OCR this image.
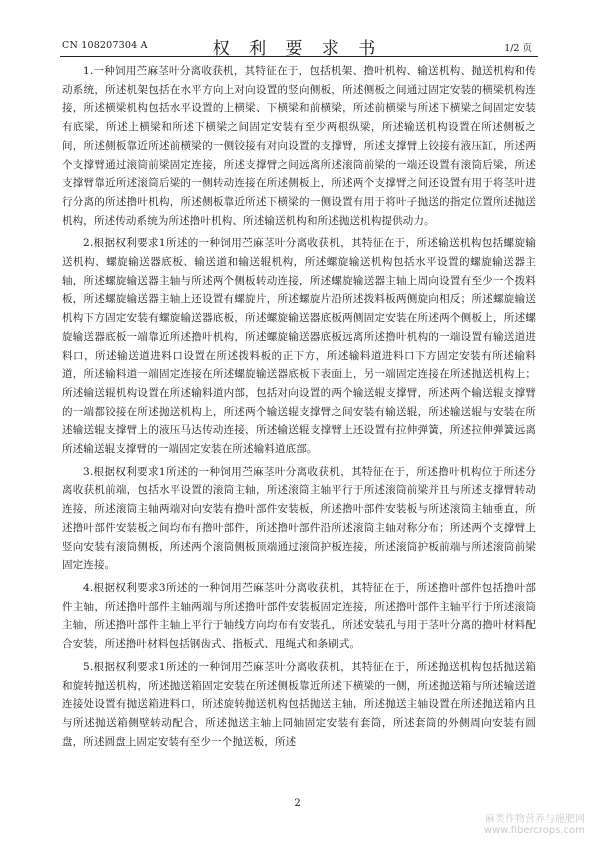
CN 108207304 A	权 利 要 求 书	1/2 页

1.一种饲用苎麻茎叶分离收获机，其特征在于，包括机架、撸叶机构、输送机构、抛送机构和传动系统，所述机架包括在水平方向上对向设置的竖向侧板，所述侧板之间通过固定安装的横梁机构连接，所述横梁机构包括水平设置的上横梁、下横梁和前横梁，所述前横梁与所述下横梁之间固定安装有底梁，所述上横梁和所述下横梁之间固定安装有至少两根纵梁，所述输送机构设置在所述侧板之间，所述侧板靠近所述前横梁的一侧铰接有对向设置的支撑臂，所述支撑臂上铰接有液压缸，所述两个支撑臂通过滚筒前梁固定连接，所述支撑臂之间远离所述滚筒前梁的一端还设置有滚筒后梁，所述支撑臂靠近所述滚筒后梁的一侧转动连接在所述侧板上，所述两个支撑臂之间还设置有用于将茎叶进行分离的所述撸叶机构，所述侧板靠近所述下横梁的一侧设置有用于将叶子抛送的指定位置所述抛送机构，所述传动系统为所述撸叶机构、所述输送机构和所述抛送机构提供动力。

2.根据权利要求1所述的一种饲用苎麻茎叶分离收获机，其特征在于，所述输送机构包括螺旋输送机构、螺旋输送器底板、输送道和输送辊机构，所述螺旋输送机构包括水平设置的螺旋输送器主轴，所述螺旋输送器主轴与所述两个侧板转动连接，所述螺旋输送器主轴上周向设置有至少一个拨料板，所述螺旋输送器主轴上还设置有螺旋片，所述螺旋片沿所述拨料板两侧旋向相反；所述螺旋输送机构下方固定安装有螺旋输送器底板，所述螺旋输送器底板两侧固定安装在所述两个侧板上，所述螺旋输送器底板一端靠近所述撸叶机构，所述螺旋输送器底板远离所述撸叶机构的一端设置有输送道进料口，所述输送道进料口设置在所述拨料板的正下方，所述输料道进料口下方固定安装有所述输料道，所述输料道一端固定连接在所述螺旋输送器底板下表面上，另一端固定连接在所述抛送机构上；所述输送辊机构设置在所述输料道内部，包括对向设置的两个输送辊支撑臂，所述两个输送辊支撑臂的一端都铰接在所述抛送机构上，所述两个输送辊支撑臂之间安装有输送辊，所述输送辊与安装在所述输送辊支撑臂上的液压马达传动连接，所述输送辊支撑臂上还设置有拉伸弹簧，所述拉伸弹簧远离所述输送辊支撑臂的一端固定安装在所述输料道底部。

3.根据权利要求1所述的一种饲用苎麻茎叶分离收获机，其特征在于，所述撸叶机构位于所述分离收获机前端，包括水平设置的滚筒主轴，所述滚筒主轴平行于所述滚筒前梁并且与所述支撑臂转动连接，所述滚筒主轴两端对向安装有撸叶部件安装板，所述撸叶部件安装板与所述滚筒主轴垂直，所述撸叶部件安装板之间均布有撸叶部件，所述撸叶部件沿所述滚筒主轴对称分布；所述两个支撑臂上竖向安装有滚筒侧板，所述两个滚筒侧板顶端通过滚筒护板连接，所述滚筒护板前端与所述滚筒前梁固定连接。

4.根据权利要求3所述的一种饲用苎麻茎叶分离收获机，其特征在于，所述撸叶部件包括撸叶部件主轴，所述撸叶部件主轴两端与所述撸叶部件安装板固定连接，所述撸叶部件主轴平行于所述滚筒主轴，所述撸叶部件主轴上平行于轴线方向均布有安装孔，所述安装孔与用于茎叶分离的撸叶材料配合安装，所述撸叶材料包括钢齿式、指板式、甩绳式和条刷式。

5.根据权利要求1所述的一种饲用苎麻茎叶分离收获机，其特征在于，所述抛送机构包括抛送箱和旋转抛送机构，所述抛送箱固定安装在所述侧板靠近所述下横梁的一侧，所述抛送箱与所述输送道连接处设置有抛送箱进料口，所述旋转抛送机构包括抛送主轴，所述抛送主轴设置在所述抛送箱内且与所述抛送箱侧壁转动配合，所述抛送主轴上同轴固定安装有套筒，所述套筒的外侧周向安装有圆盘，所述圆盘上固定安装有至少一个抛送板，所述

2
麻类作物营养与施肥网
www.fibercrops.com
